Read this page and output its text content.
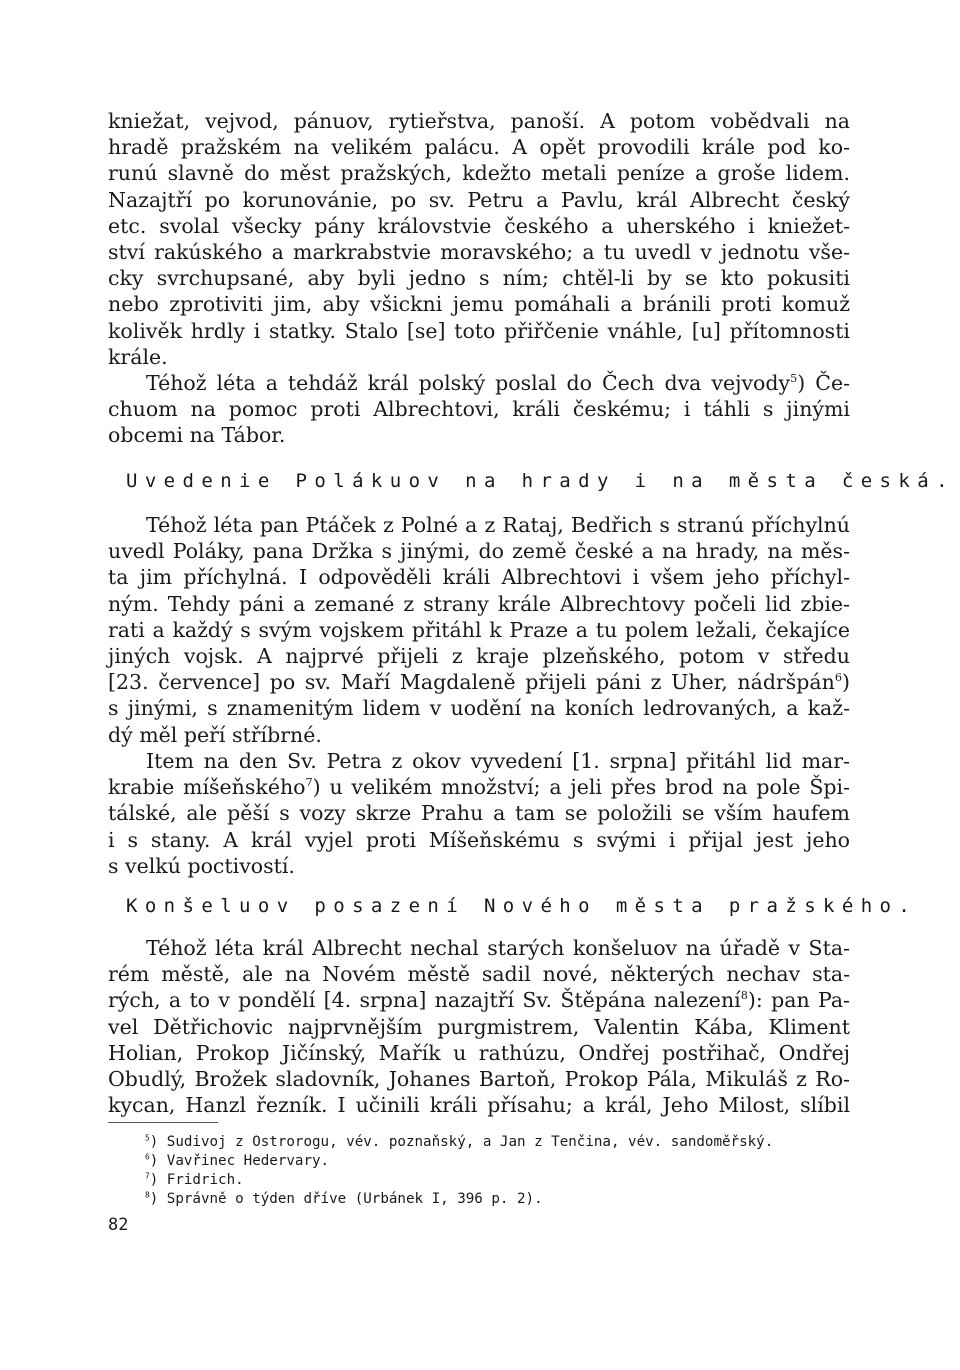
kniežat, vejvod, pánuov, rytieřstva, panoší. A potom vobědvali na
hradě pražském na velikém palácu. A opět provodili krále pod ko-
runú slavně do měst pražských, kdežto metali peníze a groše lidem.
Nazajtří po korunovánie, po sv. Petru a Pavlu, král Albrecht český
etc. svolal všecky pány královstvie českého a uherského i kniežet-
ství rakúského a markrabstvie moravského; a tu uvedl v jednotu vše-
cky svrchupsané, aby byli jedno s ním; chtěl-li by se kto pokusiti
nebo zprotiviti jim, aby všickni jemu pomáhali a bránili proti komuž
kolivěk hrdly i statky. Stalo [se] toto přiřčenie vnáhle, [u] přítomnosti
krále.
Téhož léta a tehdáž král polský poslal do Čech dva vejvody$^5$) Če-
chuom na pomoc proti Albrechtovi, králi českému; i táhli s jinými
obcemi na Tábor.
Uvedenie Polákuov na hrady i na města česká.
Téhož léta pan Ptáček z Polné a z Rataj, Bedřich s stranú příchylnú
uvedl Poláky, pana Držka s jinými, do země české a na hrady, na měs-
ta jim příchylná. I odpověděli králi Albrechtovi i všem jeho příchyl-
ným. Tehdy páni a zemané z strany krále Albrechtovy počeli lid zbie-
rati a každý s svým vojskem přitáhl k Praze a tu polem ležali, čekajíce
jiných vojsk. A najprvé přijeli z kraje plzeňského, potom v středu
[23. července] po sv. Maří Magdaleně přijeli páni z Uher, nádršpán$^6$)
s jinými, s znamenitým lidem v uodění na koních ledrovaných, a kaž-
dý měl peří stříbrné.
Item na den Sv. Petra z okov vyvedení [1. srpna] přitáhl lid mar-
krabie míšeňského$^7$) u velikém množství; a jeli přes brod na pole Špi-
tálské, ale pěší s vozy skrze Prahu a tam se položili se vším haufem
i s stany. A král vyjel proti Míšeňskému s svými i přijal jest jeho
s velkú poctivostí.
Konšeluov posazení Nového města pražského.
Téhož léta král Albrecht nechal starých konšeluov na úřadě v Sta-
rém městě, ale na Novém městě sadil nové, některých nechav sta-
rých, a to v pondělí [4. srpna] nazajtří Sv. Štěpána nalezení$^8$): pan Pa-
vel Dětřichovic najprvnějším purgmistrem, Valentin Kába, Kliment
Holian, Prokop Jičínský, Mařík u rathúzu, Ondřej postřihač, Ondřej
Obudlý, Brožek sladovník, Johanes Bartoň, Prokop Pála, Mikuláš z Ro-
kycan, Hanzl řezník. I učinili králi přísahu; a král, Jeho Milost, slíbil
$^5$) Sudivoj z Ostrorogu, vév. poznaňský, a Jan z Tenčina, vév. sandoměřský.
$^6$) Vavřinec Hedervary.
$^7$) Fridrich.
$^8$) Správně o týden dříve (Urbánek I, 396 p. 2).
82
